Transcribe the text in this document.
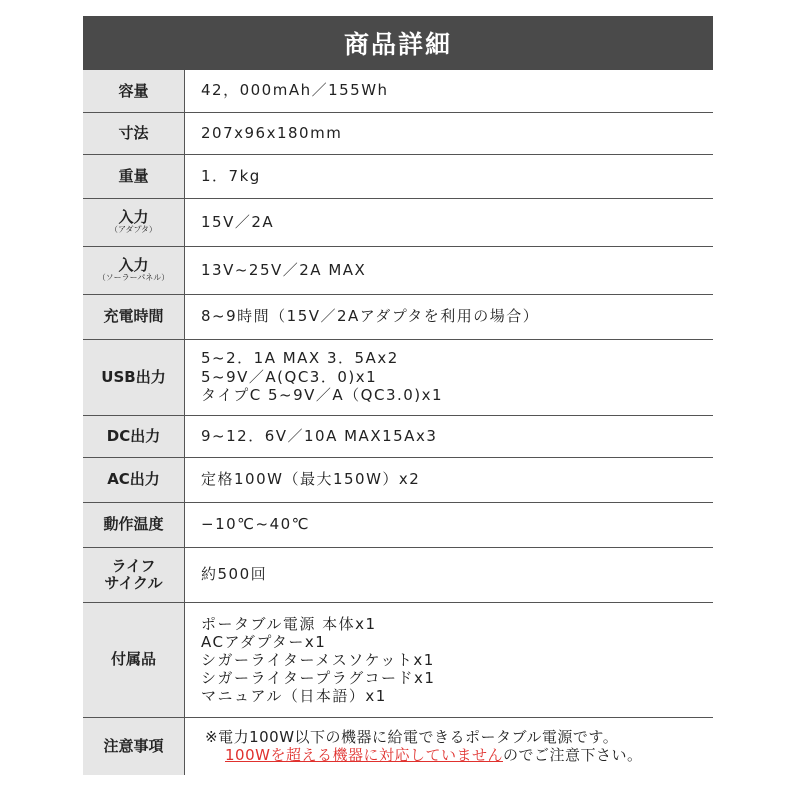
商品詳細
容量	42，000mAh／155Wh

寸法	207x96x180mm

重量	1．7kg

入力
（アダプタ）	15V／2A

入力
（ソーラーパネル）	13V~25V／2A MAX

充電時間	8~9時間（15V／2Aアダプタを利用の場合）

USB出力	5~2．1A MAX 3．5Ax2
5~9V／A(QC3．0)x1
タイプC 5~9V／A（QC3.0)x1

DC出力	9~12．6V／10A MAX15Ax3

AC出力	定格100W（最大150W）x2

動作温度	−10℃~40℃

ライフ
サイクル	約500回

付属品	ポータブル電源 本体x1
ACアダプターx1
シガーライターメスソケットx1
シガーライタープラグコードx1
マニュアル（日本語）x1

注意事項	※電力100W以下の機器に給電できるポータブル電源です。
100Wを超える機器に対応していませんのでご注意下さい。
